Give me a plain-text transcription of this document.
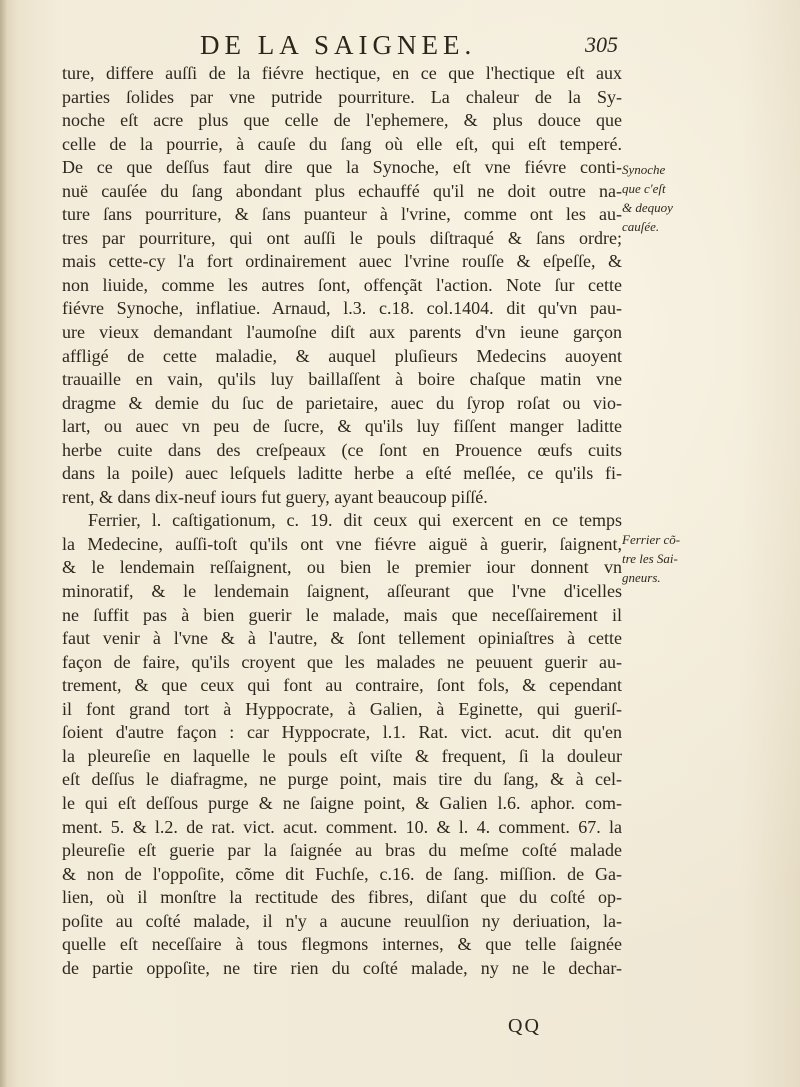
DE LA SAIGNEE.	305
ture, differe auſſi de la fiévre hectique, en ce que l'hectique eſt aux
parties ſolides par vne putride pourriture. La chaleur de la Sy-
noche eſt acre plus que celle de l'ephemere, & plus douce que
celle de la pourrie, à cauſe du ſang où elle eſt, qui eſt temperé.
De ce que deſſus faut dire que la Synoche, eſt vne fiévre conti-
nuë cauſée du ſang abondant plus echauffé qu'il ne doit outre na-
ture ſans pourriture, & ſans puanteur à l'vrine, comme ont les au-
tres par pourriture, qui ont auſſi le pouls diſtraqué & ſans ordre;
mais cette-cy l'a fort ordinairement auec l'vrine rouſſe & eſpeſſe, &
non liuide, comme les autres ſont, offençãt l'action. Note ſur cette
fiévre Synoche, inflatiue. Arnaud, l.3. c.18. col.1404. dit qu'vn pau-
ure vieux demandant l'aumoſne diſt aux parents d'vn ieune garçon
affligé de cette maladie, & auquel pluſieurs Medecins auoyent
trauaille en vain, qu'ils luy baillaſſent à boire chaſque matin vne
dragme & demie du ſuc de parietaire, auec du ſyrop roſat ou vio-
lart, ou auec vn peu de ſucre, & qu'ils luy fiſſent manger laditte
herbe cuite dans des creſpeaux (ce ſont en Prouence œufs cuits
dans la poile) auec leſquels laditte herbe a eſté meſlée, ce qu'ils fi-
rent, & dans dix-neuf iours fut guery, ayant beaucoup piſſé.
Ferrier, l. caſtigationum, c. 19. dit ceux qui exercent en ce temps
la Medecine, auſſi-toſt qu'ils ont vne fiévre aiguë à guerir, ſaignent,
& le lendemain reſſaignent, ou bien le premier iour donnent vn
minoratif, & le lendemain ſaignent, aſſeurant que l'vne d'icelles
ne ſuffit pas à bien guerir le malade, mais que neceſſairement il
faut venir à l'vne & à l'autre, & ſont tellement opiniaſtres à cette
façon de faire, qu'ils croyent que les malades ne peuuent guerir au-
trement, & que ceux qui font au contraire, ſont fols, & cependant
il font grand tort à Hyppocrate, à Galien, à Eginette, qui gueriſ-
ſoient d'autre façon : car Hyppocrate, l.1. Rat. vict. acut. dit qu'en
la pleureſie en laquelle le pouls eſt viſte & frequent, ſi la douleur
eſt deſſus le diafragme, ne purge point, mais tire du ſang, & à cel-
le qui eſt deſſous purge & ne ſaigne point, & Galien l.6. aphor. com-
ment. 5. & l.2. de rat. vict. acut. comment. 10. & l. 4. comment. 67. la
pleureſie eſt guerie par la ſaignée au bras du meſme coſté malade
& non de l'oppoſite, cõme dit Fuchſe, c.16. de ſang. miſſion. de Ga-
lien, où il monſtre la rectitude des fibres, diſant que du coſté op-
poſite au coſté malade, il n'y a aucune reuulſion ny deriuation, la-
quelle eſt neceſſaire à tous flegmons internes, & que telle ſaignée
de partie oppoſite, ne tire rien du coſté malade, ny ne le dechar-
Synoche
que c'eſt
& dequoy
cauſée.
Ferrier cõ-
tre les Sai-
gneurs.
QQ
